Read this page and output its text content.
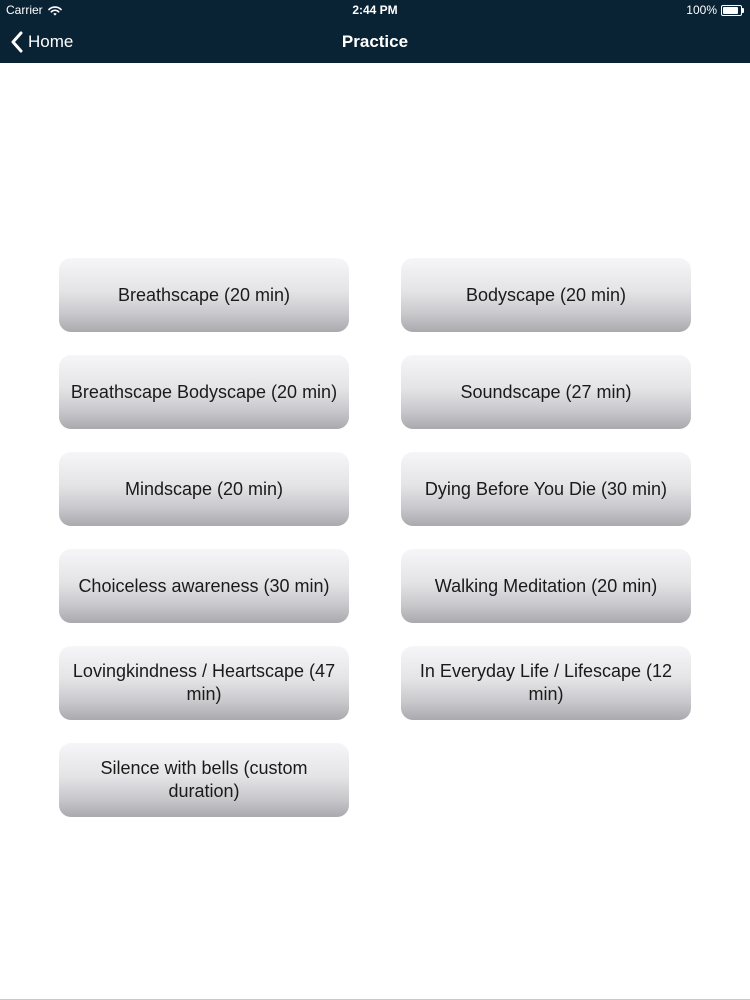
Carrier	2:44 PM	100%
Home	Practice
Breathscape (20 min)	Bodyscape (20 min)
Breathscape Bodyscape (20 min)	Soundscape (27 min)
Mindscape (20 min)	Dying Before You Die (30 min)
Choiceless awareness (30 min)	Walking Meditation (20 min)
Lovingkindness / Heartscape (47 min)
In Everyday Life / Lifescape (12 min)
Silence with bells (custom duration)
